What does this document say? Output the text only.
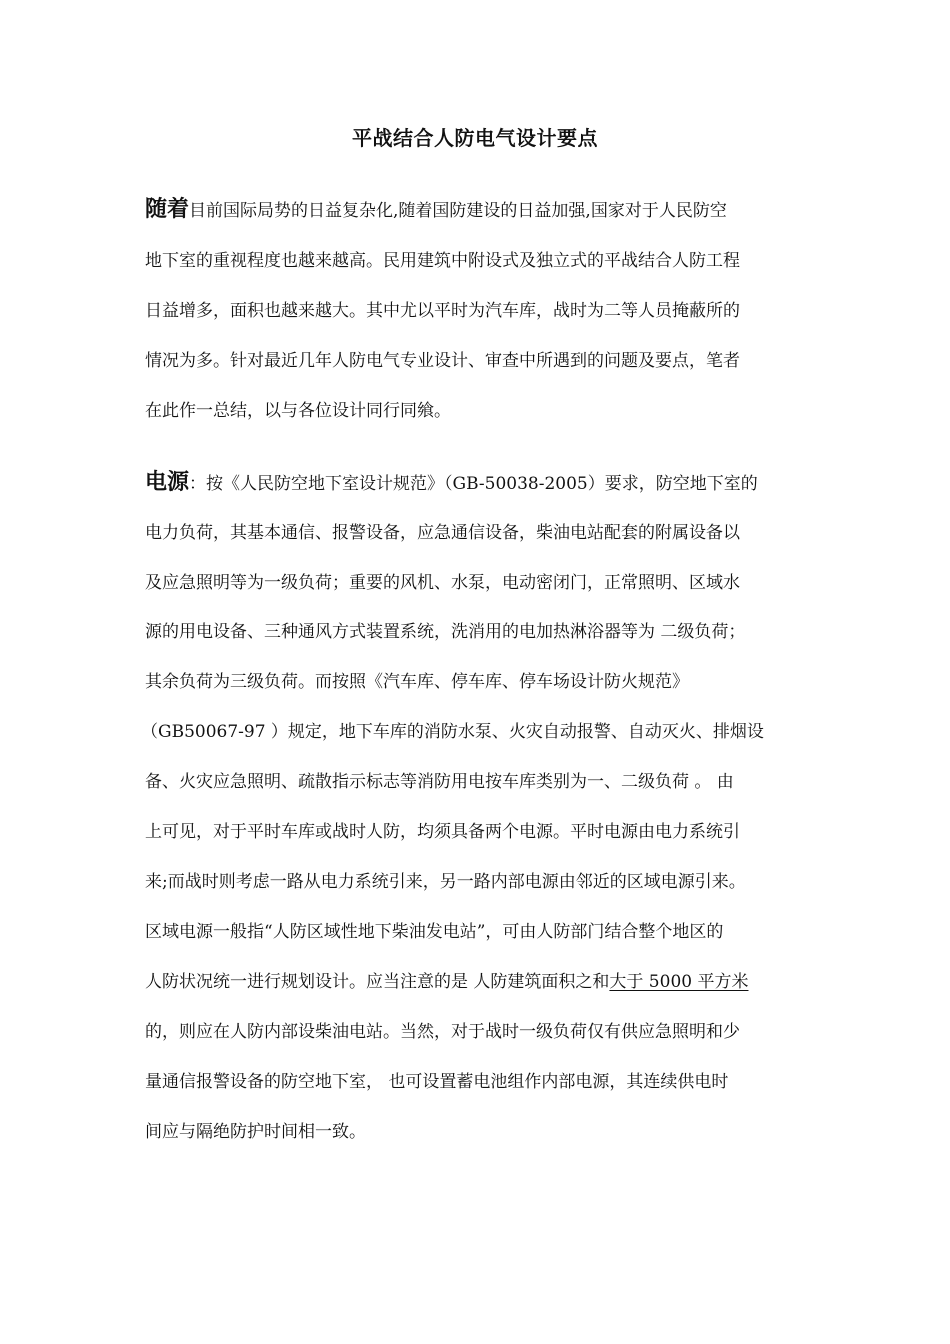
平战结合人防电气设计要点
随着目前国际局势的日益复杂化,随着国防建设的日益加强,国家对于人民防空
地下室的重视程度也越来越高。民用建筑中附设式及独立式的平战结合人防工程
日益增多，面积也越来越大。其中尤以平时为汽车库，战时为二等人员掩蔽所的
情况为多。针对最近几年人防电气专业设计、审查中所遇到的问题及要点，笔者
在此作一总结，以与各位设计同行同飨。
电源：按《人民防空地下室设计规范》（GB-50038-2005）要求，防空地下室的
电力负荷，其基本通信、报警设备，应急通信设备，柴油电站配套的附属设备以
及应急照明等为一级负荷；重要的风机、水泵，电动密闭门，正常照明、区域水
源的用电设备、三种通风方式装置系统，洗消用的电加热淋浴器等为 二级负荷；
其余负荷为三级负荷。而按照《汽车库、停车库、停车场设计防火规范》
（GB50067-97 ）规定，地下车库的消防水泵、火灾自动报警、自动灭火、排烟设
备、火灾应急照明、疏散指示标志等消防用电按车库类别为一、二级负荷 。 由
上可见，对于平时车库或战时人防，均须具备两个电源。平时电源由电力系统引
来;而战时则考虑一路从电力系统引来，另一路内部电源由邻近的区域电源引来。
区域电源一般指“人防区域性地下柴油发电站”，可由人防部门结合整个地区的
人防状况统一进行规划设计。应当注意的是 人防建筑面积之和大于 5000 平方米
的，则应在人防内部设柴油电站。当然，对于战时一级负荷仅有供应急照明和少
量通信报警设备的防空地下室， 也可设置蓄电池组作内部电源，其连续供电时
间应与隔绝防护时间相一致。
